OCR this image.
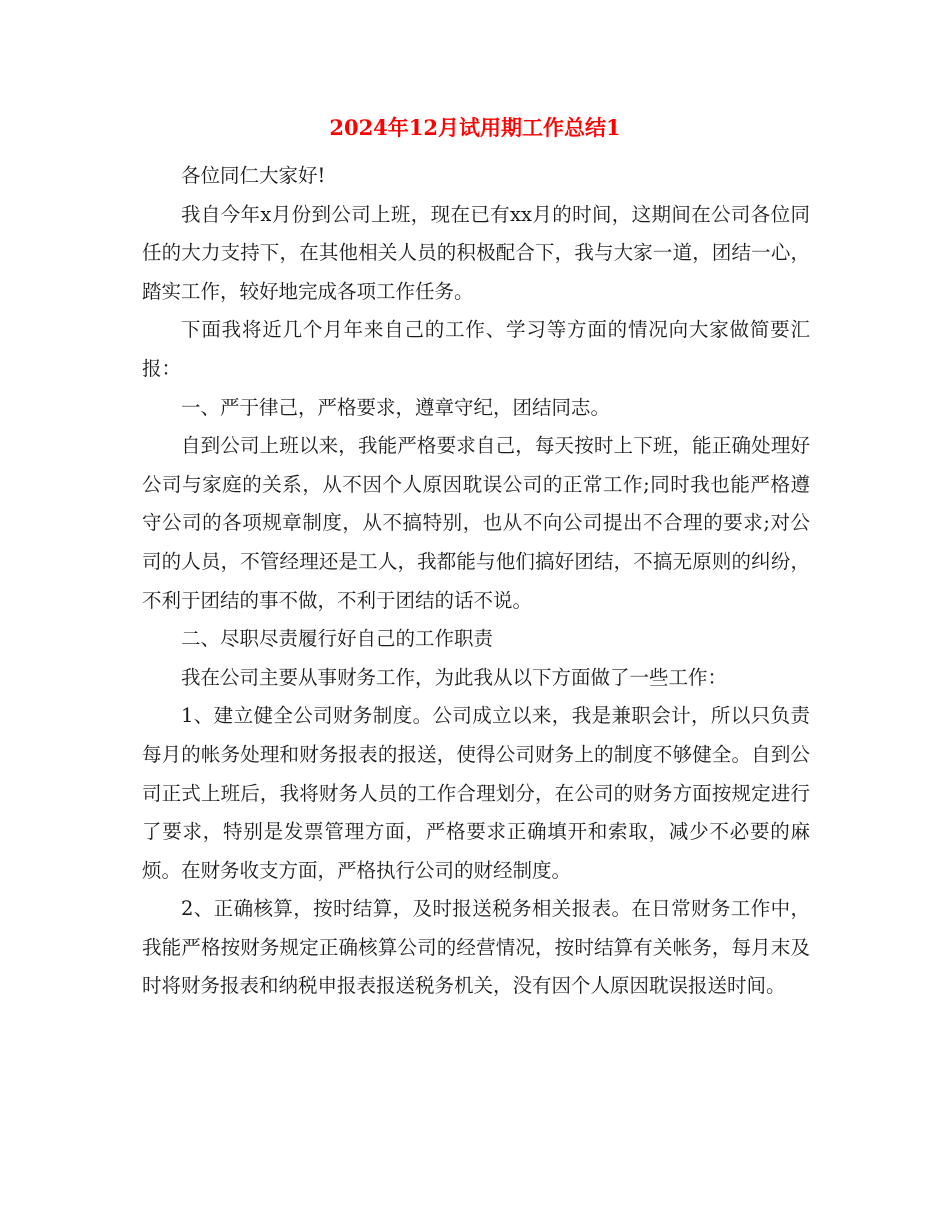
2024年12月试用期工作总结1

各位同仁大家好!

我自今年x月份到公司上班，现在已有xx月的时间，这期间在公司各位同任的大力支持下，在其他相关人员的积极配合下，我与大家一道，团结一心，踏实工作，较好地完成各项工作任务。

下面我将近几个月年来自己的工作、学习等方面的情况向大家做简要汇报：

一、严于律己，严格要求，遵章守纪，团结同志。

自到公司上班以来，我能严格要求自己，每天按时上下班，能正确处理好公司与家庭的关系，从不因个人原因耽误公司的正常工作;同时我也能严格遵守公司的各项规章制度，从不搞特别，也从不向公司提出不合理的要求;对公司的人员，不管经理还是工人，我都能与他们搞好团结，不搞无原则的纠纷，不利于团结的事不做，不利于团结的话不说。

二、尽职尽责履行好自己的工作职责

我在公司主要从事财务工作，为此我从以下方面做了一些工作：

1、建立健全公司财务制度。公司成立以来，我是兼职会计，所以只负责每月的帐务处理和财务报表的报送，使得公司财务上的制度不够健全。自到公司正式上班后，我将财务人员的工作合理划分，在公司的财务方面按规定进行了要求，特别是发票管理方面，严格要求正确填开和索取，减少不必要的麻烦。在财务收支方面，严格执行公司的财经制度。

2、正确核算，按时结算，及时报送税务相关报表。在日常财务工作中，我能严格按财务规定正确核算公司的经营情况，按时结算有关帐务，每月末及时将财务报表和纳税申报表报送税务机关，没有因个人原因耽误报送时间。
